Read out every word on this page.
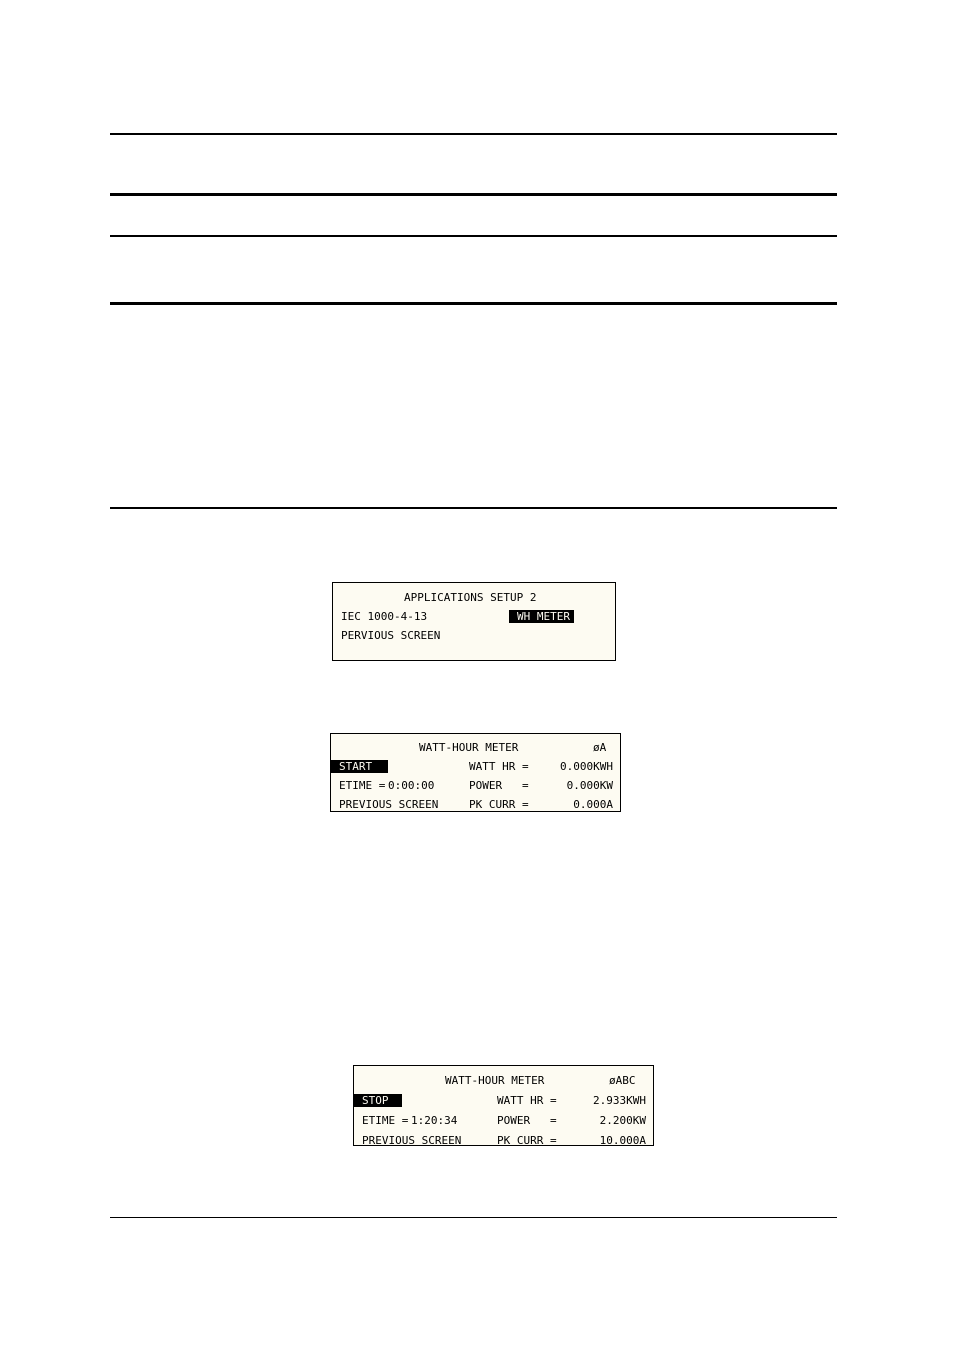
APPLICATIONS SETUP 2
IEC 1000-4-13	WH METER
PERVIOUS SCREEN
WATT-HOUR METER	øA
START	WATT HR =	0.000KWH
ETIME = 0:00:00	POWER   =	0.000KW
PREVIOUS SCREEN	PK CURR =	0.000A
WATT-HOUR METER	øABC
STOP	WATT HR =	2.933KWH
ETIME = 1:20:34	POWER   =	2.200KW
PREVIOUS SCREEN	PK CURR =	10.000A
